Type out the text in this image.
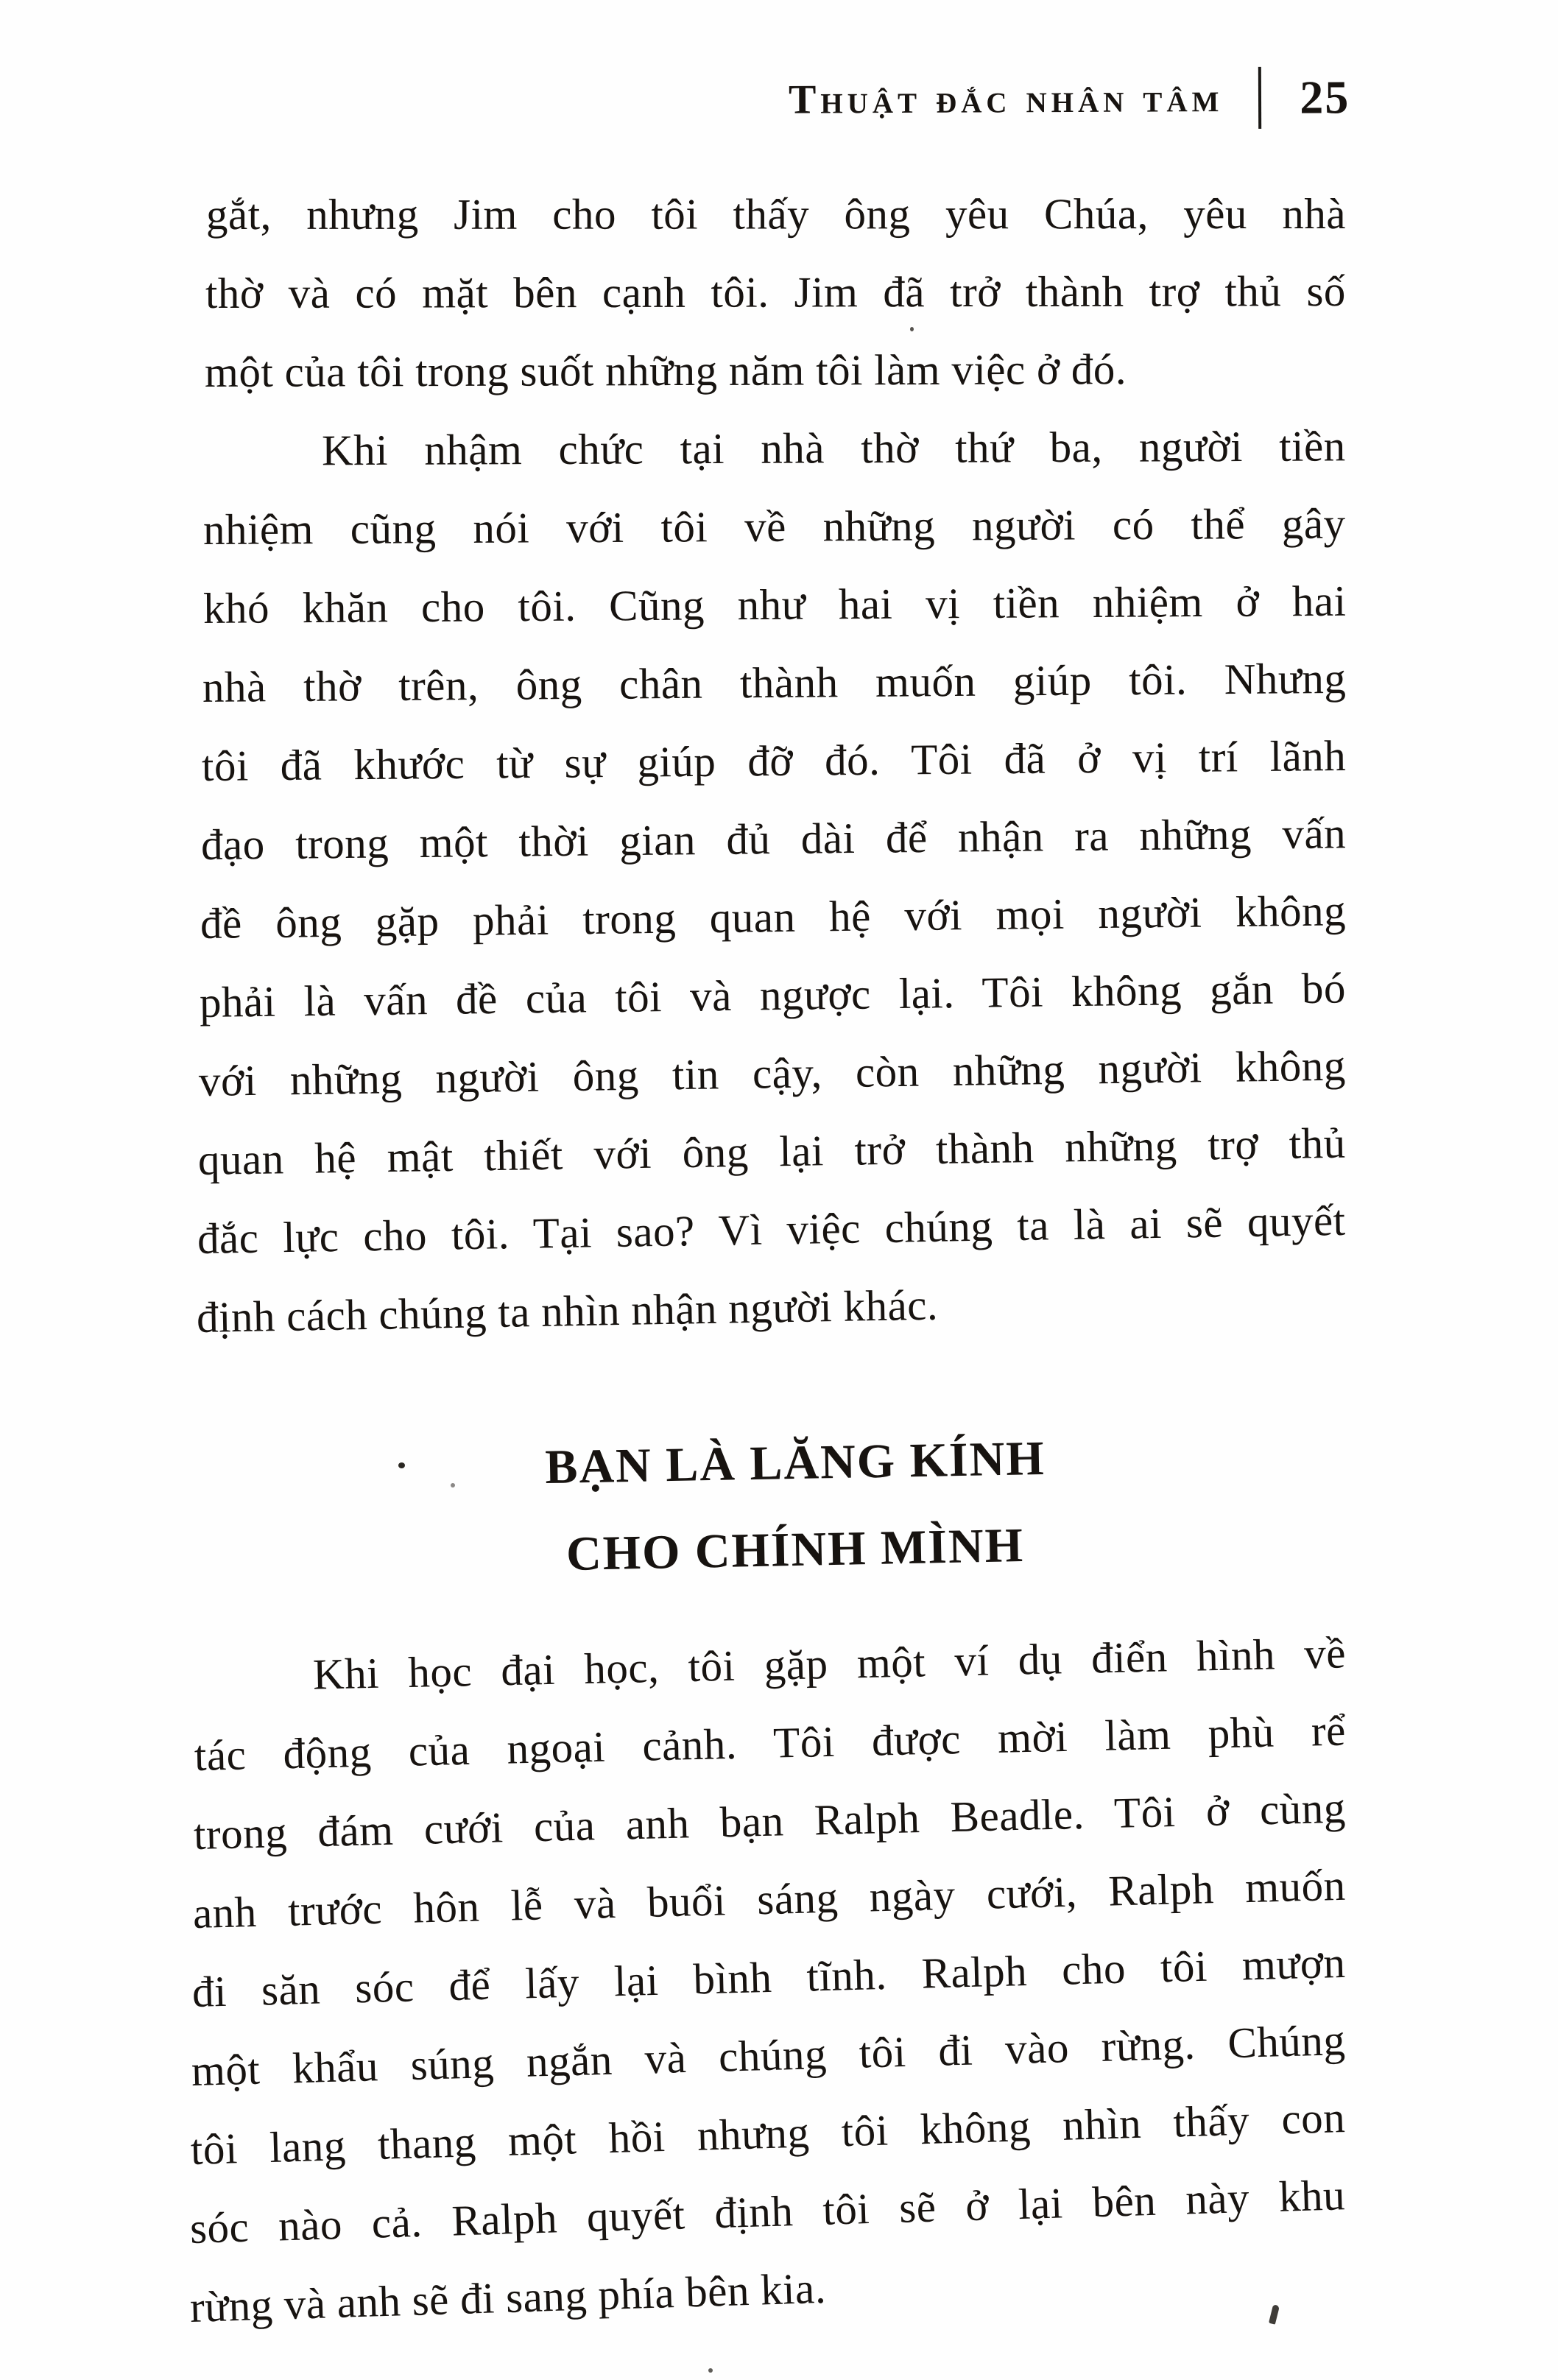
Thuật đắc nhân tâm 25
gắt, nhưng Jim cho tôi thấy ông yêu Chúa, yêu nhà
thờ và có mặt bên cạnh tôi. Jim đã trở thành trợ thủ số
một của tôi trong suốt những năm tôi làm việc ở đó.
Khi nhậm chức tại nhà thờ thứ ba, người tiền
nhiệm cũng nói với tôi về những người có thể gây
khó khăn cho tôi. Cũng như hai vị tiền nhiệm ở hai
nhà thờ trên, ông chân thành muốn giúp tôi. Nhưng
tôi đã khước từ sự giúp đỡ đó. Tôi đã ở vị trí lãnh
đạo trong một thời gian đủ dài để nhận ra những vấn
đề ông gặp phải trong quan hệ với mọi người không
phải là vấn đề của tôi và ngược lại. Tôi không gắn bó
với những người ông tin cậy, còn những người không
quan hệ mật thiết với ông lại trở thành những trợ thủ
đắc lực cho tôi. Tại sao? Vì việc chúng ta là ai sẽ quyết
định cách chúng ta nhìn nhận người khác.
BẠN LÀ LĂNG KÍNH
CHO CHÍNH MÌNH
Khi học đại học, tôi gặp một ví dụ điển hình về
tác động của ngoại cảnh. Tôi được mời làm phù rể
trong đám cưới của anh bạn Ralph Beadle. Tôi ở cùng
anh trước hôn lễ và buổi sáng ngày cưới, Ralph muốn
đi săn sóc để lấy lại bình tĩnh. Ralph cho tôi mượn
một khẩu súng ngắn và chúng tôi đi vào rừng. Chúng
tôi lang thang một hồi nhưng tôi không nhìn thấy con
sóc nào cả. Ralph quyết định tôi sẽ ở lại bên này khu
rừng và anh sẽ đi sang phía bên kia.
